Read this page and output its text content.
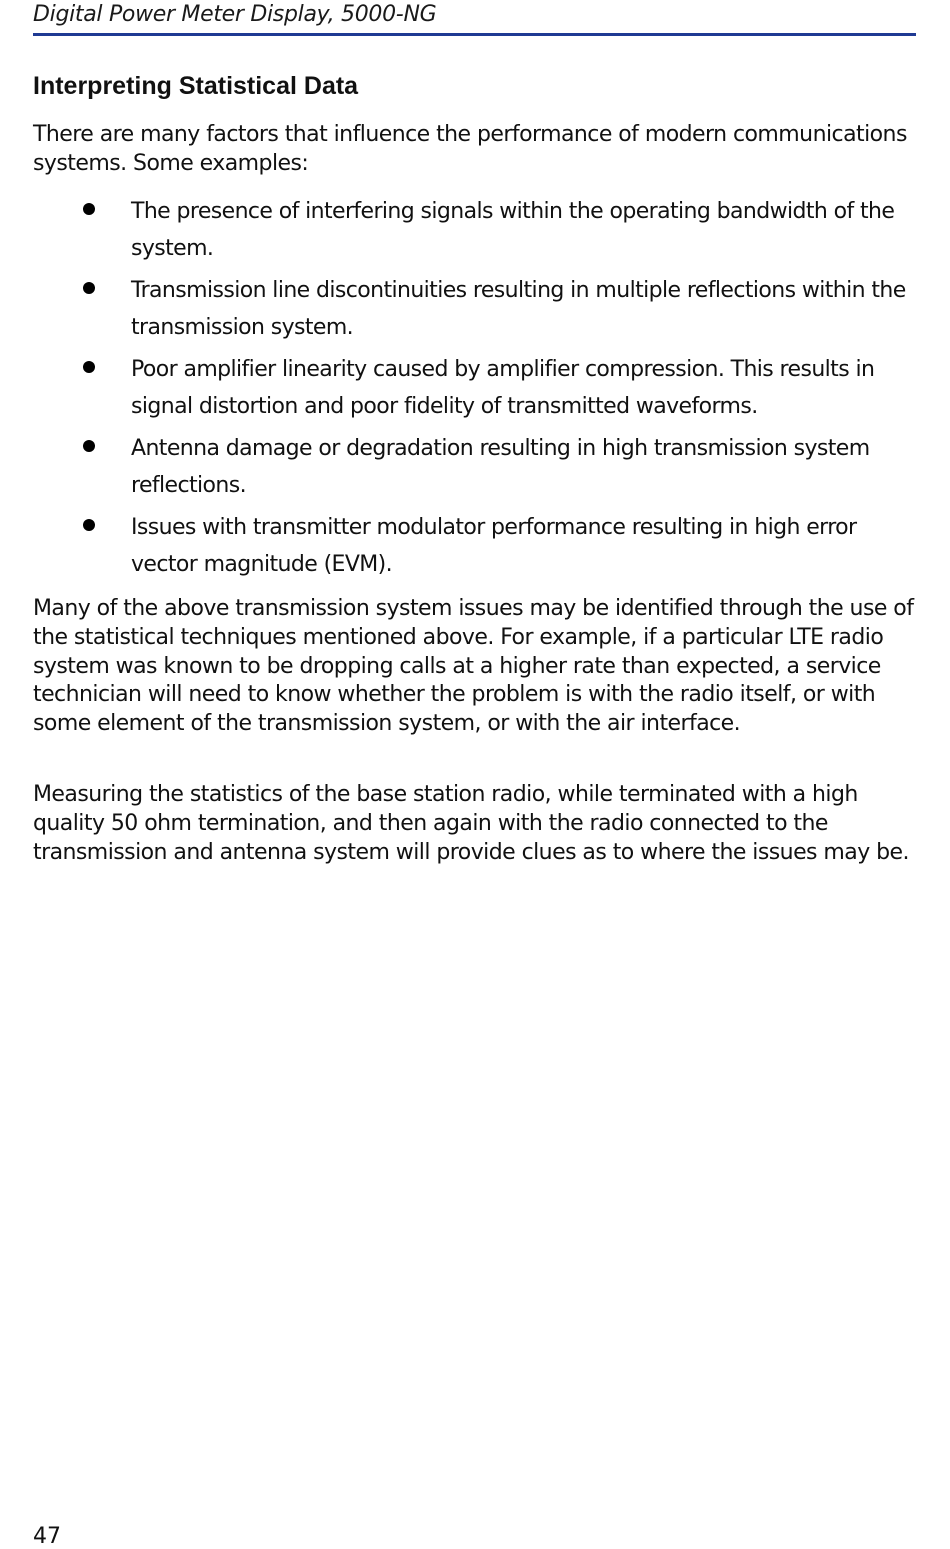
Digital Power Meter Display, 5000-NG
Interpreting Statistical Data

There are many factors that influence the performance of modern communications systems. Some examples:

The presence of interfering signals within the operating bandwidth of the system.
Transmission line discontinuities resulting in multiple reflections within the transmission system.
Poor amplifier linearity caused by amplifier compression. This results in signal distortion and poor fidelity of transmitted waveforms.
Antenna damage or degradation resulting in high transmission system reflections.
Issues with transmitter modulator performance resulting in high error vector magnitude (EVM).

Many of the above transmission system issues may be identified through the use of the statistical techniques mentioned above. For example, if a particular LTE radio system was known to be dropping calls at a higher rate than expected, a service technician will need to know whether the problem is with the radio itself, or with some element of the transmission system, or with the air interface.

Measuring the statistics of the base station radio, while terminated with a high quality 50 ohm termination, and then again with the radio connected to the transmission and antenna system will provide clues as to where the issues may be.

47
